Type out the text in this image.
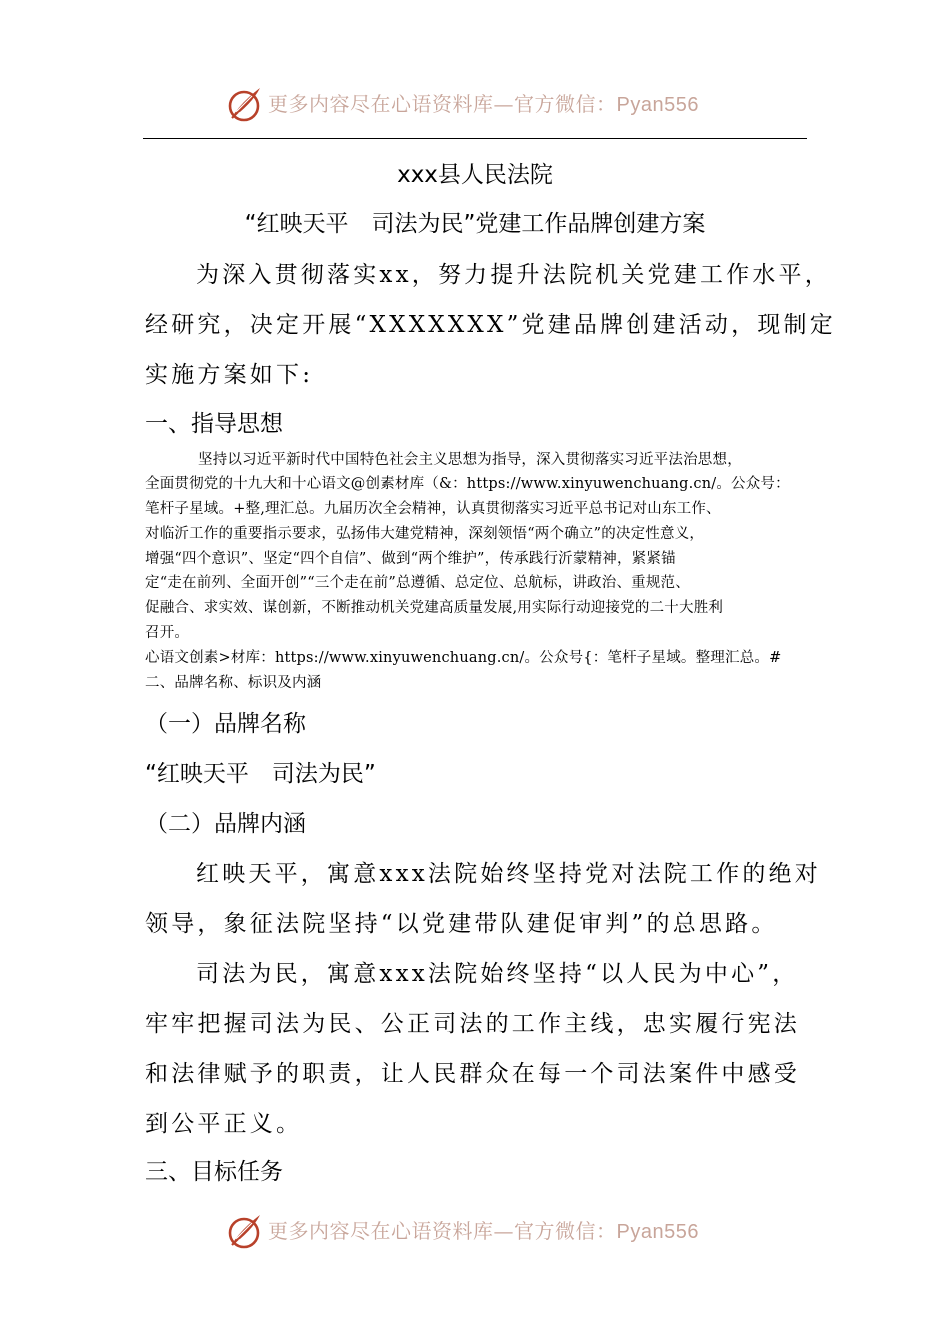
更多内容尽在心语资料库—官方微信：Pyan556
xxx县人民法院
“红映天平　司法为民”党建工作品牌创建方案
为深入贯彻落实xx，努力提升法院机关党建工作水平，
经研究，决定开展“XXXXXXX”党建品牌创建活动，现制定
实施方案如下:
一、指导思想
坚持以习近平新时代中国特色社会主义思想为指导，深入贯彻落实习近平法治思想，
全面贯彻党的十九大和十心语文@创素材库（&：https://www.xinyuwenchuang.cn/。公众号：
笔杆子星域。+整,理汇总。九届历次全会精神，认真贯彻落实习近平总书记对山东工作、
对临沂工作的重要指示要求，弘扬伟大建党精神，深刻领悟“两个确立”的决定性意义，
增强“四个意识”、坚定“四个自信”、做到“两个维护”，传承践行沂蒙精神，紧紧锚
定“走在前列、全面开创”“三个走在前”总遵循、总定位、总航标，讲政治、重规范、
促融合、求实效、谋创新，不断推动机关党建高质量发展,用实际行动迎接党的二十大胜利
召开。
心语文创素>材库：https://www.xinyuwenchuang.cn/。公众号{：笔杆子星域。整理汇总。#
二、品牌名称、标识及内涵
（一）品牌名称
“红映天平　司法为民”
（二）品牌内涵
红映天平，寓意xxx法院始终坚持党对法院工作的绝对
领导，象征法院坚持“以党建带队建促审判”的总思路。
司法为民，寓意xxx法院始终坚持“以人民为中心”，
牢牢把握司法为民、公正司法的工作主线，忠实履行宪法
和法律赋予的职责，让人民群众在每一个司法案件中感受
到公平正义。
三、目标任务
更多内容尽在心语资料库—官方微信：Pyan556
